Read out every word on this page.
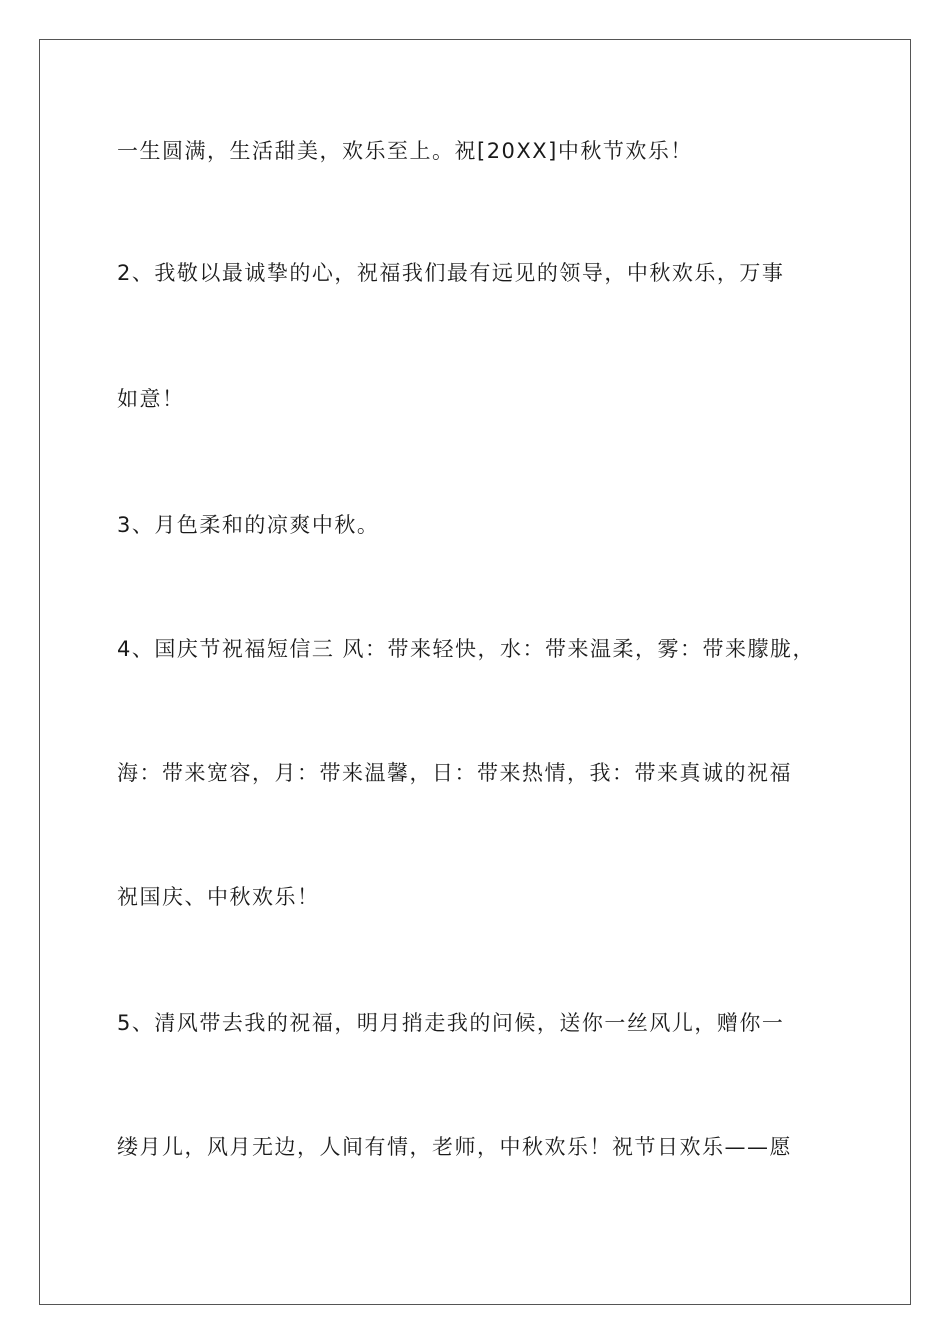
一生圆满，生活甜美，欢乐至上。祝[20XX]中秋节欢乐！
2、我敬以最诚挚的心，祝福我们最有远见的领导，中秋欢乐，万事
如意！
3、月色柔和的凉爽中秋。
4、国庆节祝福短信三 风：带来轻快，水：带来温柔，雾：带来朦胧，
海：带来宽容，月：带来温馨，日：带来热情，我：带来真诚的祝福
祝国庆、中秋欢乐！
5、清风带去我的祝福，明月捎走我的问候，送你一丝风儿，赠你一
缕月儿，风月无边，人间有情，老师，中秋欢乐！祝节日欢乐——愿
